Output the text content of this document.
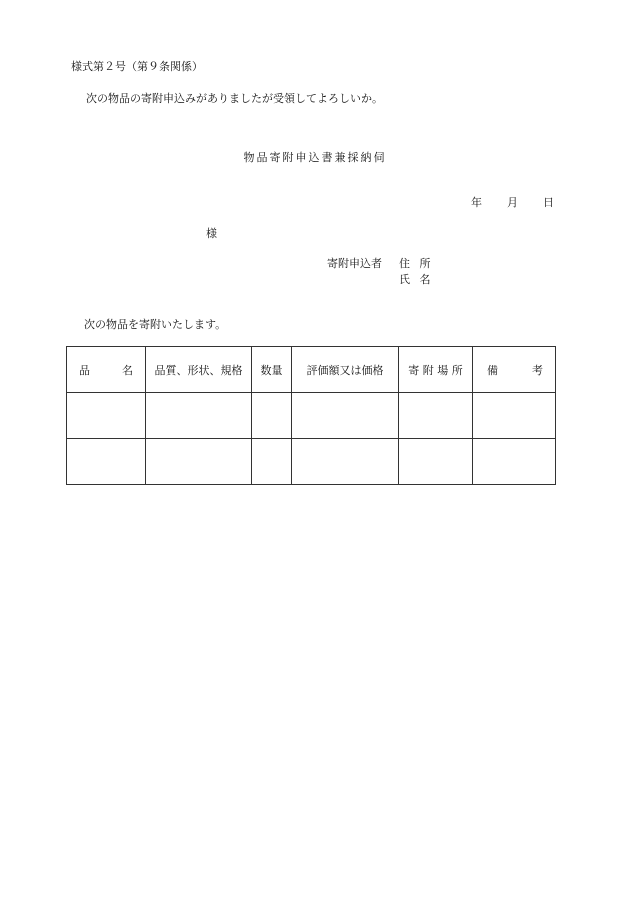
様式第２号（第９条関係）
次の物品の寄附申込みがありましたが受領してよろしいか。
物品寄附申込書兼採納伺
年 月 日
様
寄附申込者 住 所
氏 名
次の物品を寄附いたします。
品 名	品質、形状、規格	数量	評価額又は価格	寄 附 場 所	備 考
